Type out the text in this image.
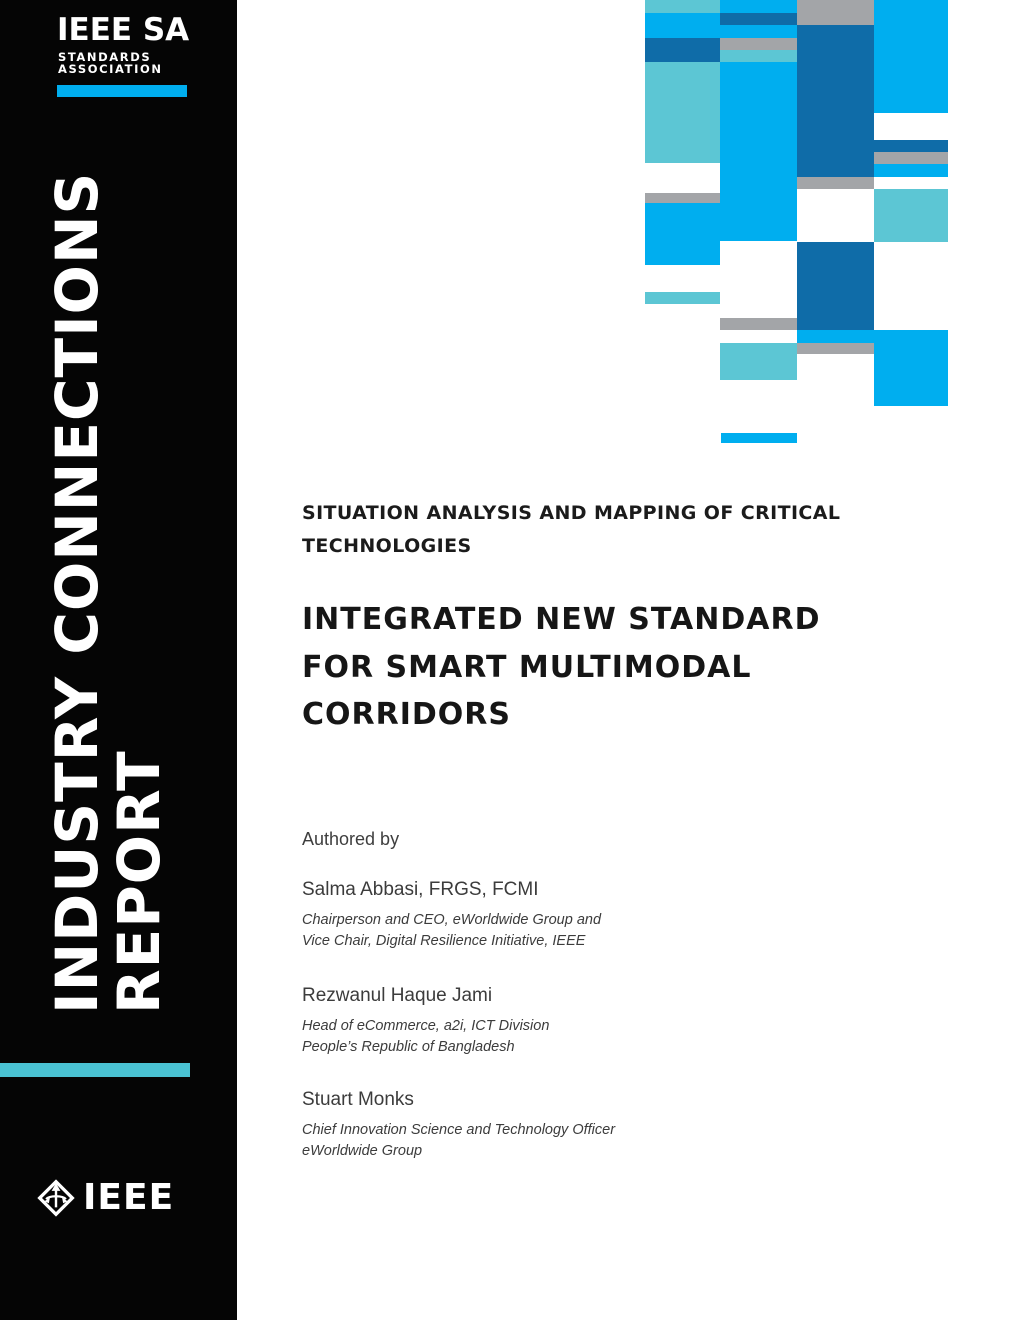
IEEE SA
STANDARDS
ASSOCIATION
INDUSTRY CONNECTIONS
REPORT
IEEE
SITUATION ANALYSIS AND MAPPING OF CRITICAL
TECHNOLOGIES
INTEGRATED NEW STANDARD
FOR SMART MULTIMODAL
CORRIDORS

Authored by

Salma Abbasi, FRGS, FCMI
Chairperson and CEO, eWorldwide Group and
Vice Chair, Digital Resilience Initiative, IEEE
Rezwanul Haque Jami
Head of eCommerce, a2i, ICT Division
People’s Republic of Bangladesh
Stuart Monks
Chief Innovation Science and Technology Officer
eWorldwide Group
